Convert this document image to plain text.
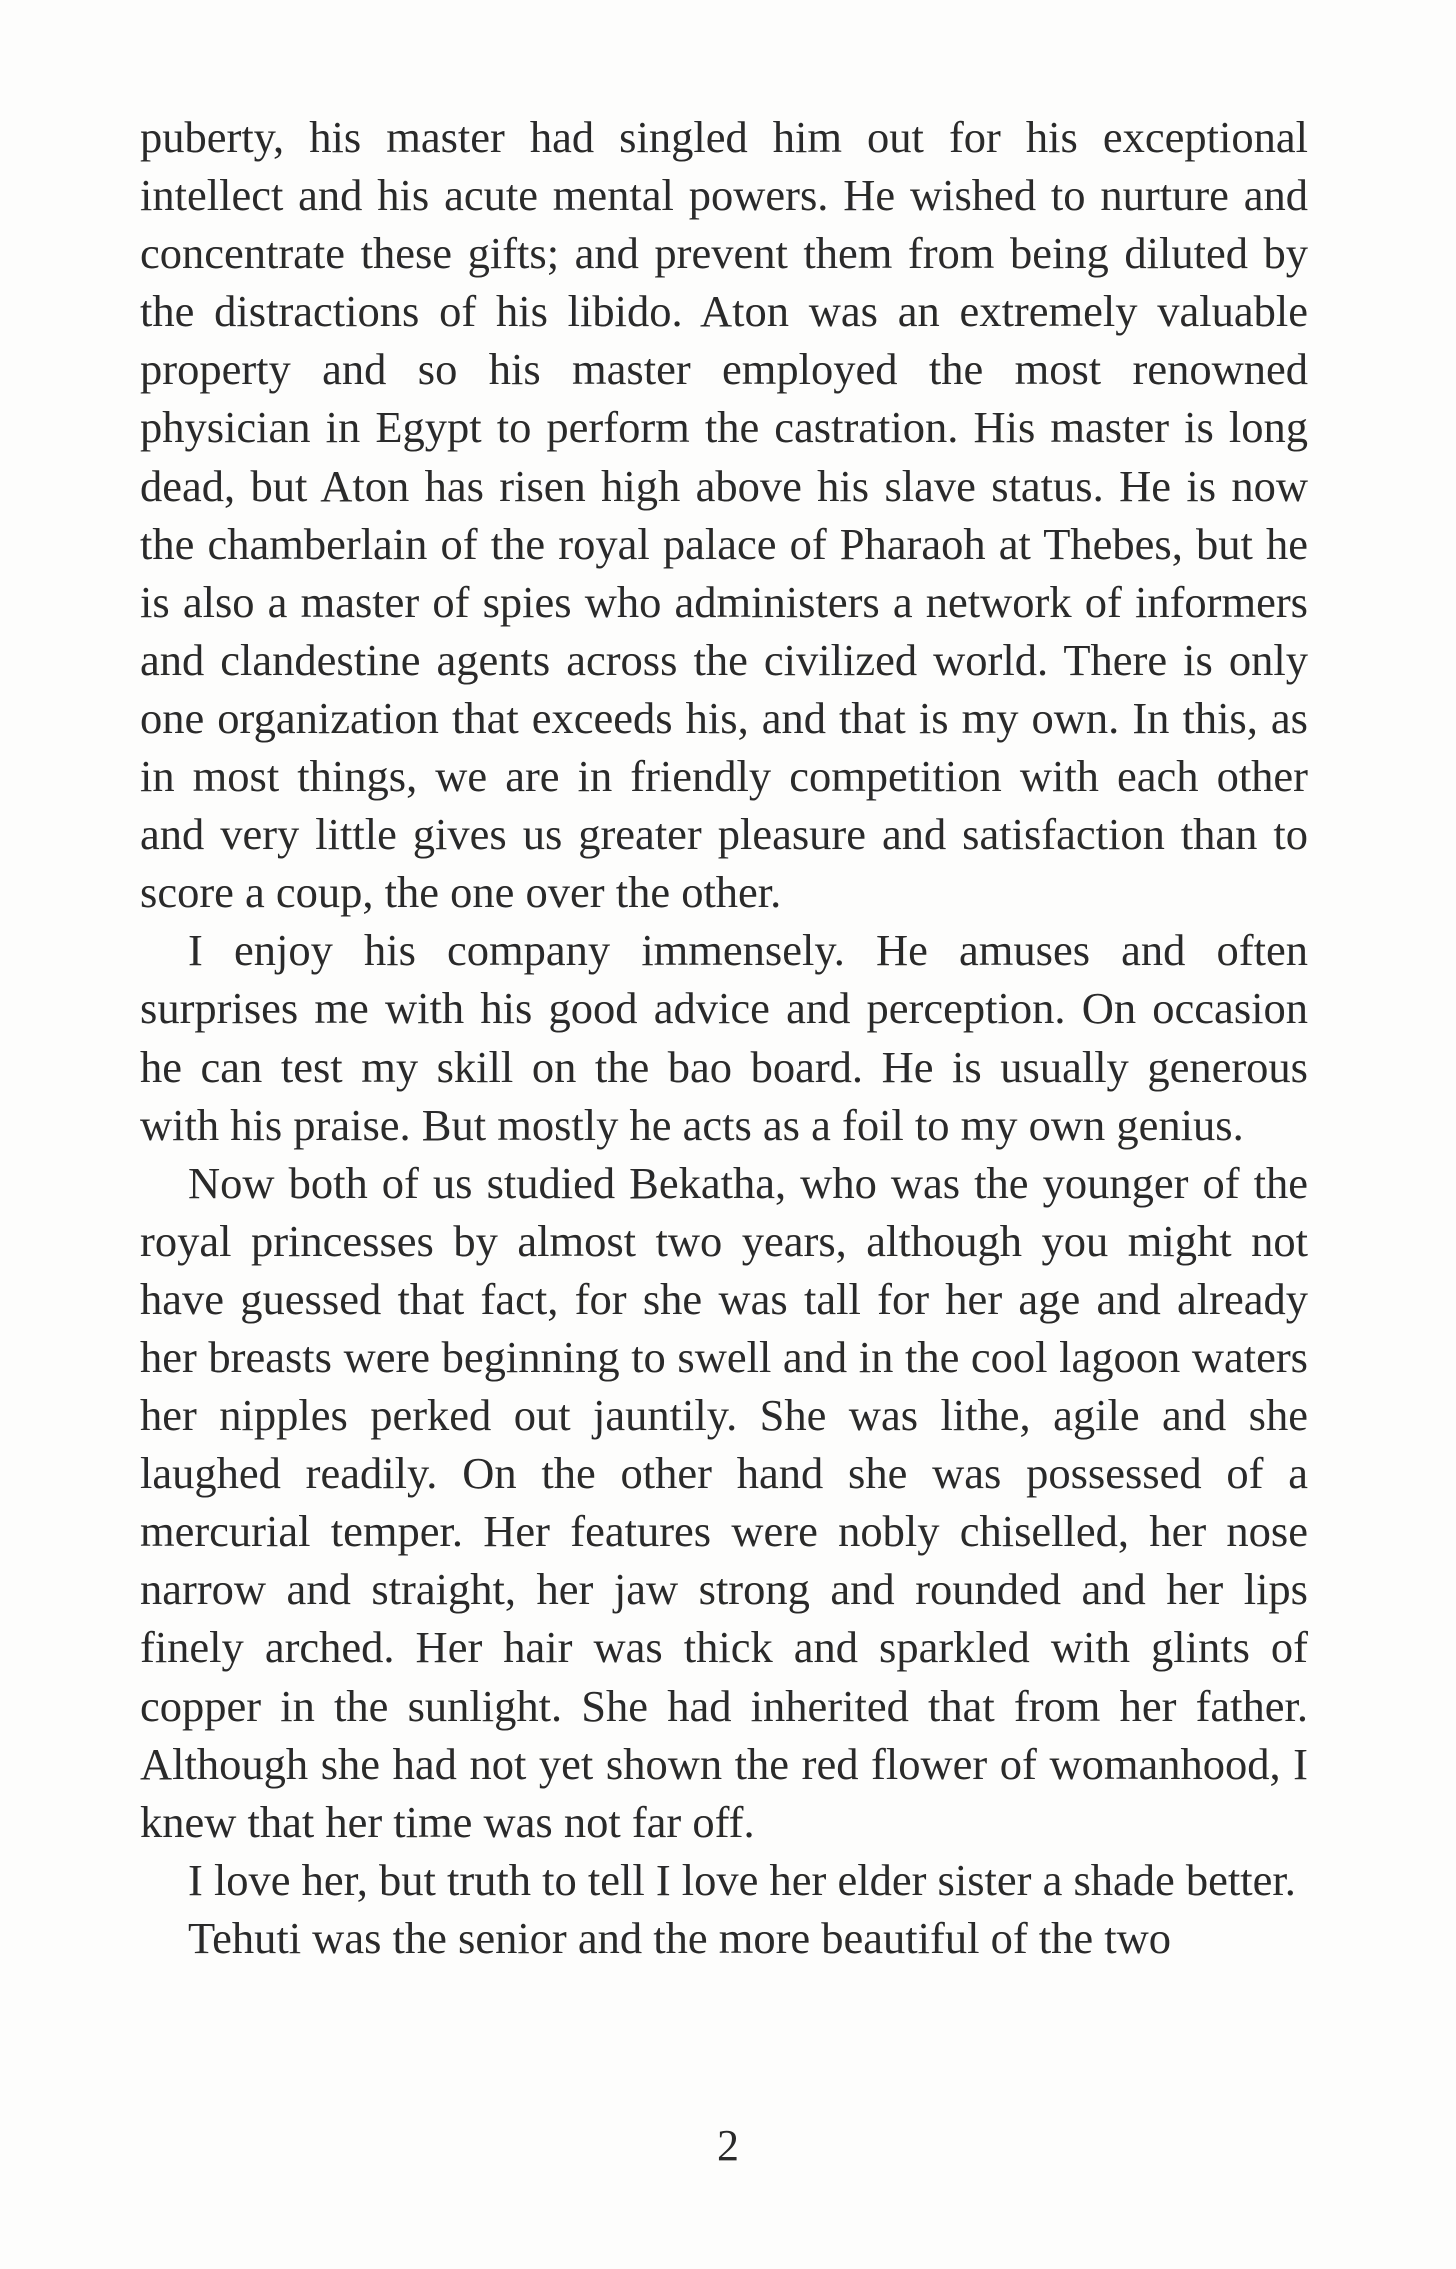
puberty, his master had singled him out for his exceptional intellect and his acute mental powers. He wished to nurture and concentrate these gifts; and prevent them from being diluted by the distractions of his libido. Aton was an extremely valuable property and so his master employed the most renowned physician in Egypt to perform the castration. His master is long dead, but Aton has risen high above his slave status. He is now the chamberlain of the royal palace of Pharaoh at Thebes, but he is also a master of spies who administers a network of informers and clandestine agents across the civilized world. There is only one organization that exceeds his, and that is my own. In this, as in most things, we are in friendly competition with each other and very little gives us greater pleasure and satisfaction than to score a coup, the one over the other.

I enjoy his company immensely. He amuses and often surprises me with his good advice and perception. On occasion he can test my skill on the bao board. He is usually generous with his praise. But mostly he acts as a foil to my own genius.

Now both of us studied Bekatha, who was the younger of the royal princesses by almost two years, although you might not have guessed that fact, for she was tall for her age and already her breasts were beginning to swell and in the cool lagoon waters her nipples perked out jauntily. She was lithe, agile and she laughed readily. On the other hand she was possessed of a mercurial temper. Her features were nobly chiselled, her nose narrow and straight, her jaw strong and rounded and her lips finely arched. Her hair was thick and sparkled with glints of copper in the sunlight. She had inherited that from her father. Although she had not yet shown the red flower of womanhood, I knew that her time was not far off.

I love her, but truth to tell I love her elder sister a shade better.

Tehuti was the senior and the more beautiful of the two

2
